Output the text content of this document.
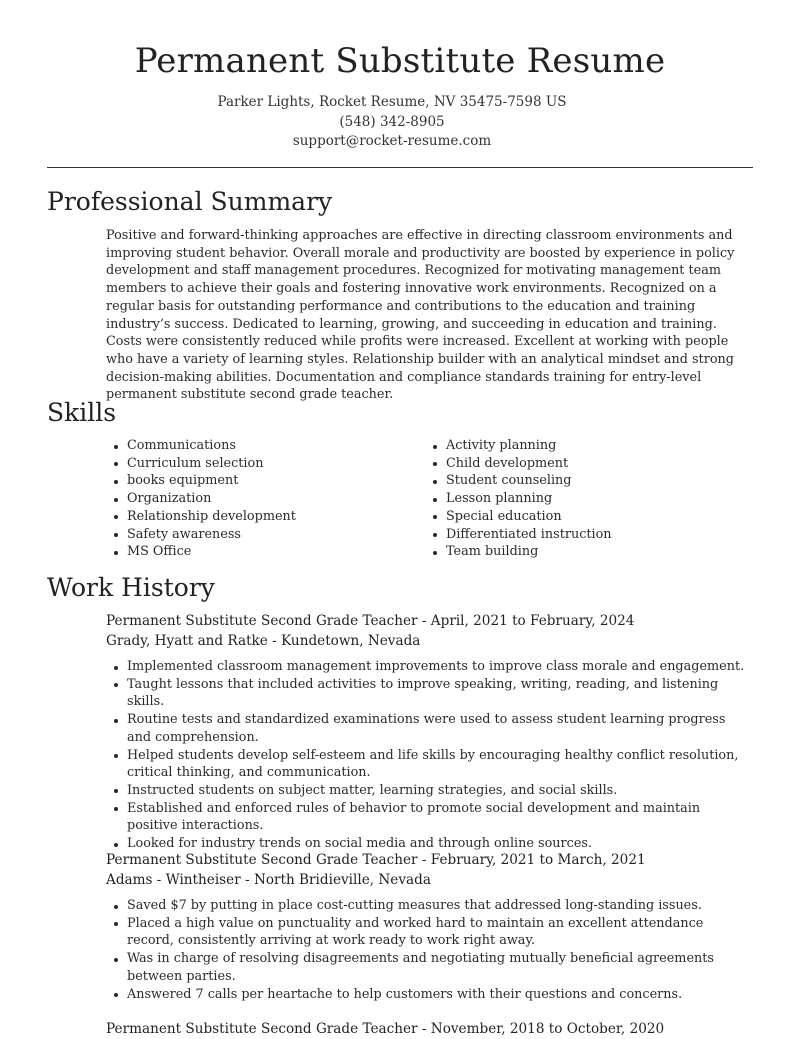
Permanent Substitute Resume
Parker Lights, Rocket Resume, NV 35475-7598 US
(548) 342-8905
support@rocket-resume.com
Professional Summary

Positive and forward-thinking approaches are effective in directing classroom environments and improving student behavior. Overall morale and productivity are boosted by experience in policy development and staff management procedures. Recognized for motivating management team members to achieve their goals and fostering innovative work environments. Recognized on a regular basis for outstanding performance and contributions to the education and training industry’s success. Dedicated to learning, growing, and succeeding in education and training. Costs were consistently reduced while profits were increased. Excellent at working with people who have a variety of learning styles. Relationship builder with an analytical mindset and strong decision-making abilities. Documentation and compliance standards training for entry-level permanent substitute second grade teacher.

Skills
Communications
Curriculum selection
books equipment
Organization
Relationship development
Safety awareness
MS Office
Activity planning
Child development
Student counseling
Lesson planning
Special education
Differentiated instruction
Team building
Work History
Permanent Substitute Second Grade Teacher - April, 2021 to February, 2024
Grady, Hyatt and Ratke - Kundetown, Nevada
Implemented classroom management improvements to improve class morale and engagement.
Taught lessons that included activities to improve speaking, writing, reading, and listening skills.
Routine tests and standardized examinations were used to assess student learning progress and comprehension.
Helped students develop self-esteem and life skills by encouraging healthy conflict resolution, critical thinking, and communication.
Instructed students on subject matter, learning strategies, and social skills.
Established and enforced rules of behavior to promote social development and maintain positive interactions.
Looked for industry trends on social media and through online sources.
Permanent Substitute Second Grade Teacher - February, 2021 to March, 2021
Adams - Wintheiser - North Bridieville, Nevada
Saved $7 by putting in place cost-cutting measures that addressed long-standing issues.
Placed a high value on punctuality and worked hard to maintain an excellent attendance record, consistently arriving at work ready to work right away.
Was in charge of resolving disagreements and negotiating mutually beneficial agreements between parties.
Answered 7 calls per heartache to help customers with their questions and concerns.
Permanent Substitute Second Grade Teacher - November, 2018 to October, 2020
